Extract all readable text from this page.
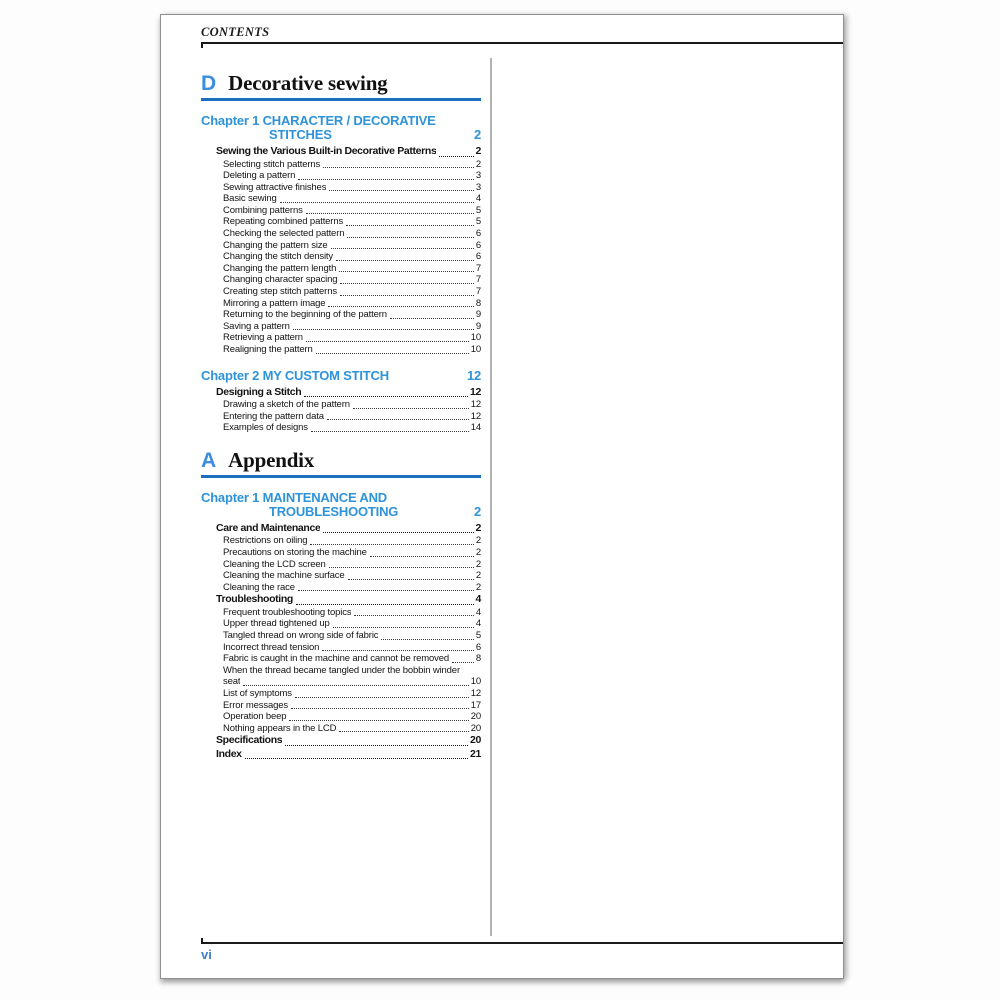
CONTENTS
D Decorative sewing
Chapter 1 CHARACTER / DECORATIVE STITCHES	2
Sewing the Various Built-in Decorative Patterns	2
Selecting stitch patterns	2
Deleting a pattern	3
Sewing attractive finishes	3
Basic sewing	4
Combining patterns	5
Repeating combined patterns	5
Checking the selected pattern	6
Changing the pattern size	6
Changing the stitch density	6
Changing the pattern length	7
Changing character spacing	7
Creating step stitch patterns	7
Mirroring a pattern image	8
Returning to the beginning of the pattern	9
Saving a pattern	9
Retrieving a pattern	10
Realigning the pattern	10
Chapter 2 MY CUSTOM STITCH	12
Designing a Stitch	12
Drawing a sketch of the pattern	12
Entering the pattern data	12
Examples of designs	14
A Appendix
Chapter 1 MAINTENANCE AND TROUBLESHOOTING	2
Care and Maintenance	2
Restrictions on oiling	2
Precautions on storing the machine	2
Cleaning the LCD screen	2
Cleaning the machine surface	2
Cleaning the race	2
Troubleshooting	4
Frequent troubleshooting topics	4
Upper thread tightened up	4
Tangled thread on wrong side of fabric	5
Incorrect thread tension	6
Fabric is caught in the machine and cannot be removed	8
When the thread became tangled under the bobbin winder
seat	10
List of symptoms	12
Error messages	17
Operation beep	20
Nothing appears in the LCD	20
Specifications	20
Index	21
vi
